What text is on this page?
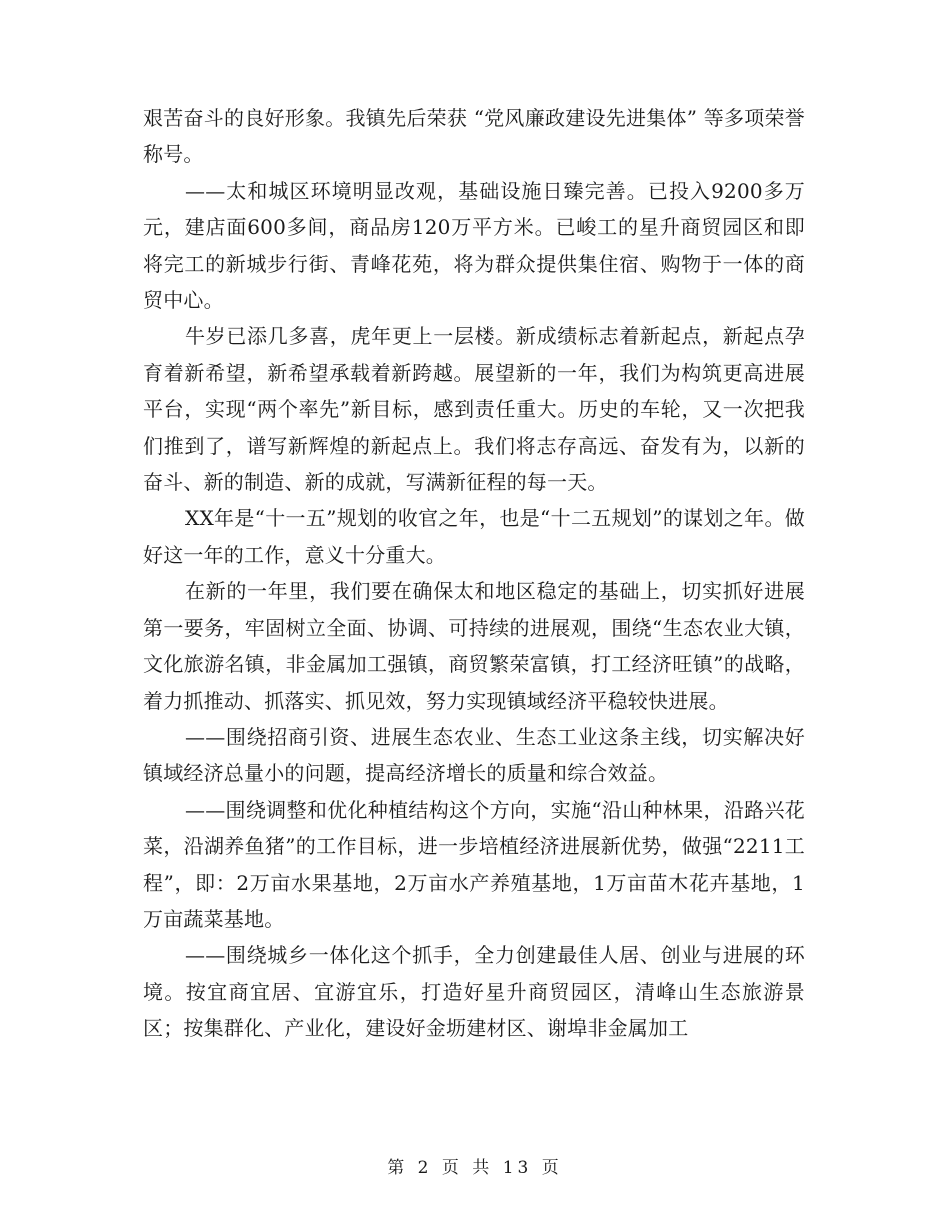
艰苦奋斗的良好形象。我镇先后荣获 “党风廉政建设先进集体” 等多项荣誉称号。

——太和城区环境明显改观，基础设施日臻完善。已投入9200多万元，建店面600多间，商品房120万平方米。已峻工的星升商贸园区和即将完工的新城步行街、青峰花苑，将为群众提供集住宿、购物于一体的商贸中心。

牛岁已添几多喜，虎年更上一层楼。新成绩标志着新起点，新起点孕育着新希望，新希望承载着新跨越。展望新的一年，我们为构筑更高进展平台，实现“两个率先”新目标，感到责任重大。历史的车轮，又一次把我们推到了，谱写新辉煌的新起点上。我们将志存高远、奋发有为，以新的奋斗、新的制造、新的成就，写满新征程的每一天。

XX年是“十一五”规划的收官之年，也是“十二五规划”的谋划之年。做好这一年的工作，意义十分重大。

在新的一年里，我们要在确保太和地区稳定的基础上，切实抓好进展第一要务，牢固树立全面、协调、可持续的进展观，围绕“生态农业大镇，文化旅游名镇，非金属加工强镇，商贸繁荣富镇，打工经济旺镇”的战略，着力抓推动、抓落实、抓见效，努力实现镇域经济平稳较快进展。

——围绕招商引资、进展生态农业、生态工业这条主线，切实解决好镇域经济总量小的问题，提高经济增长的质量和综合效益。

——围绕调整和优化种植结构这个方向，实施“沿山种林果，沿路兴花菜，沿湖养鱼猪”的工作目标，进一步培植经济进展新优势，做强“2211工程”，即：2万亩水果基地，2万亩水产养殖基地，1万亩苗木花卉基地，1万亩蔬菜基地。

——围绕城乡一体化这个抓手，全力创建最佳人居、创业与进展的环境。按宜商宜居、宜游宜乐，打造好星升商贸园区，清峰山生态旅游景区；按集群化、产业化，建设好金坜建材区、谢埠非金属加工

第 2 页 共 13 页
